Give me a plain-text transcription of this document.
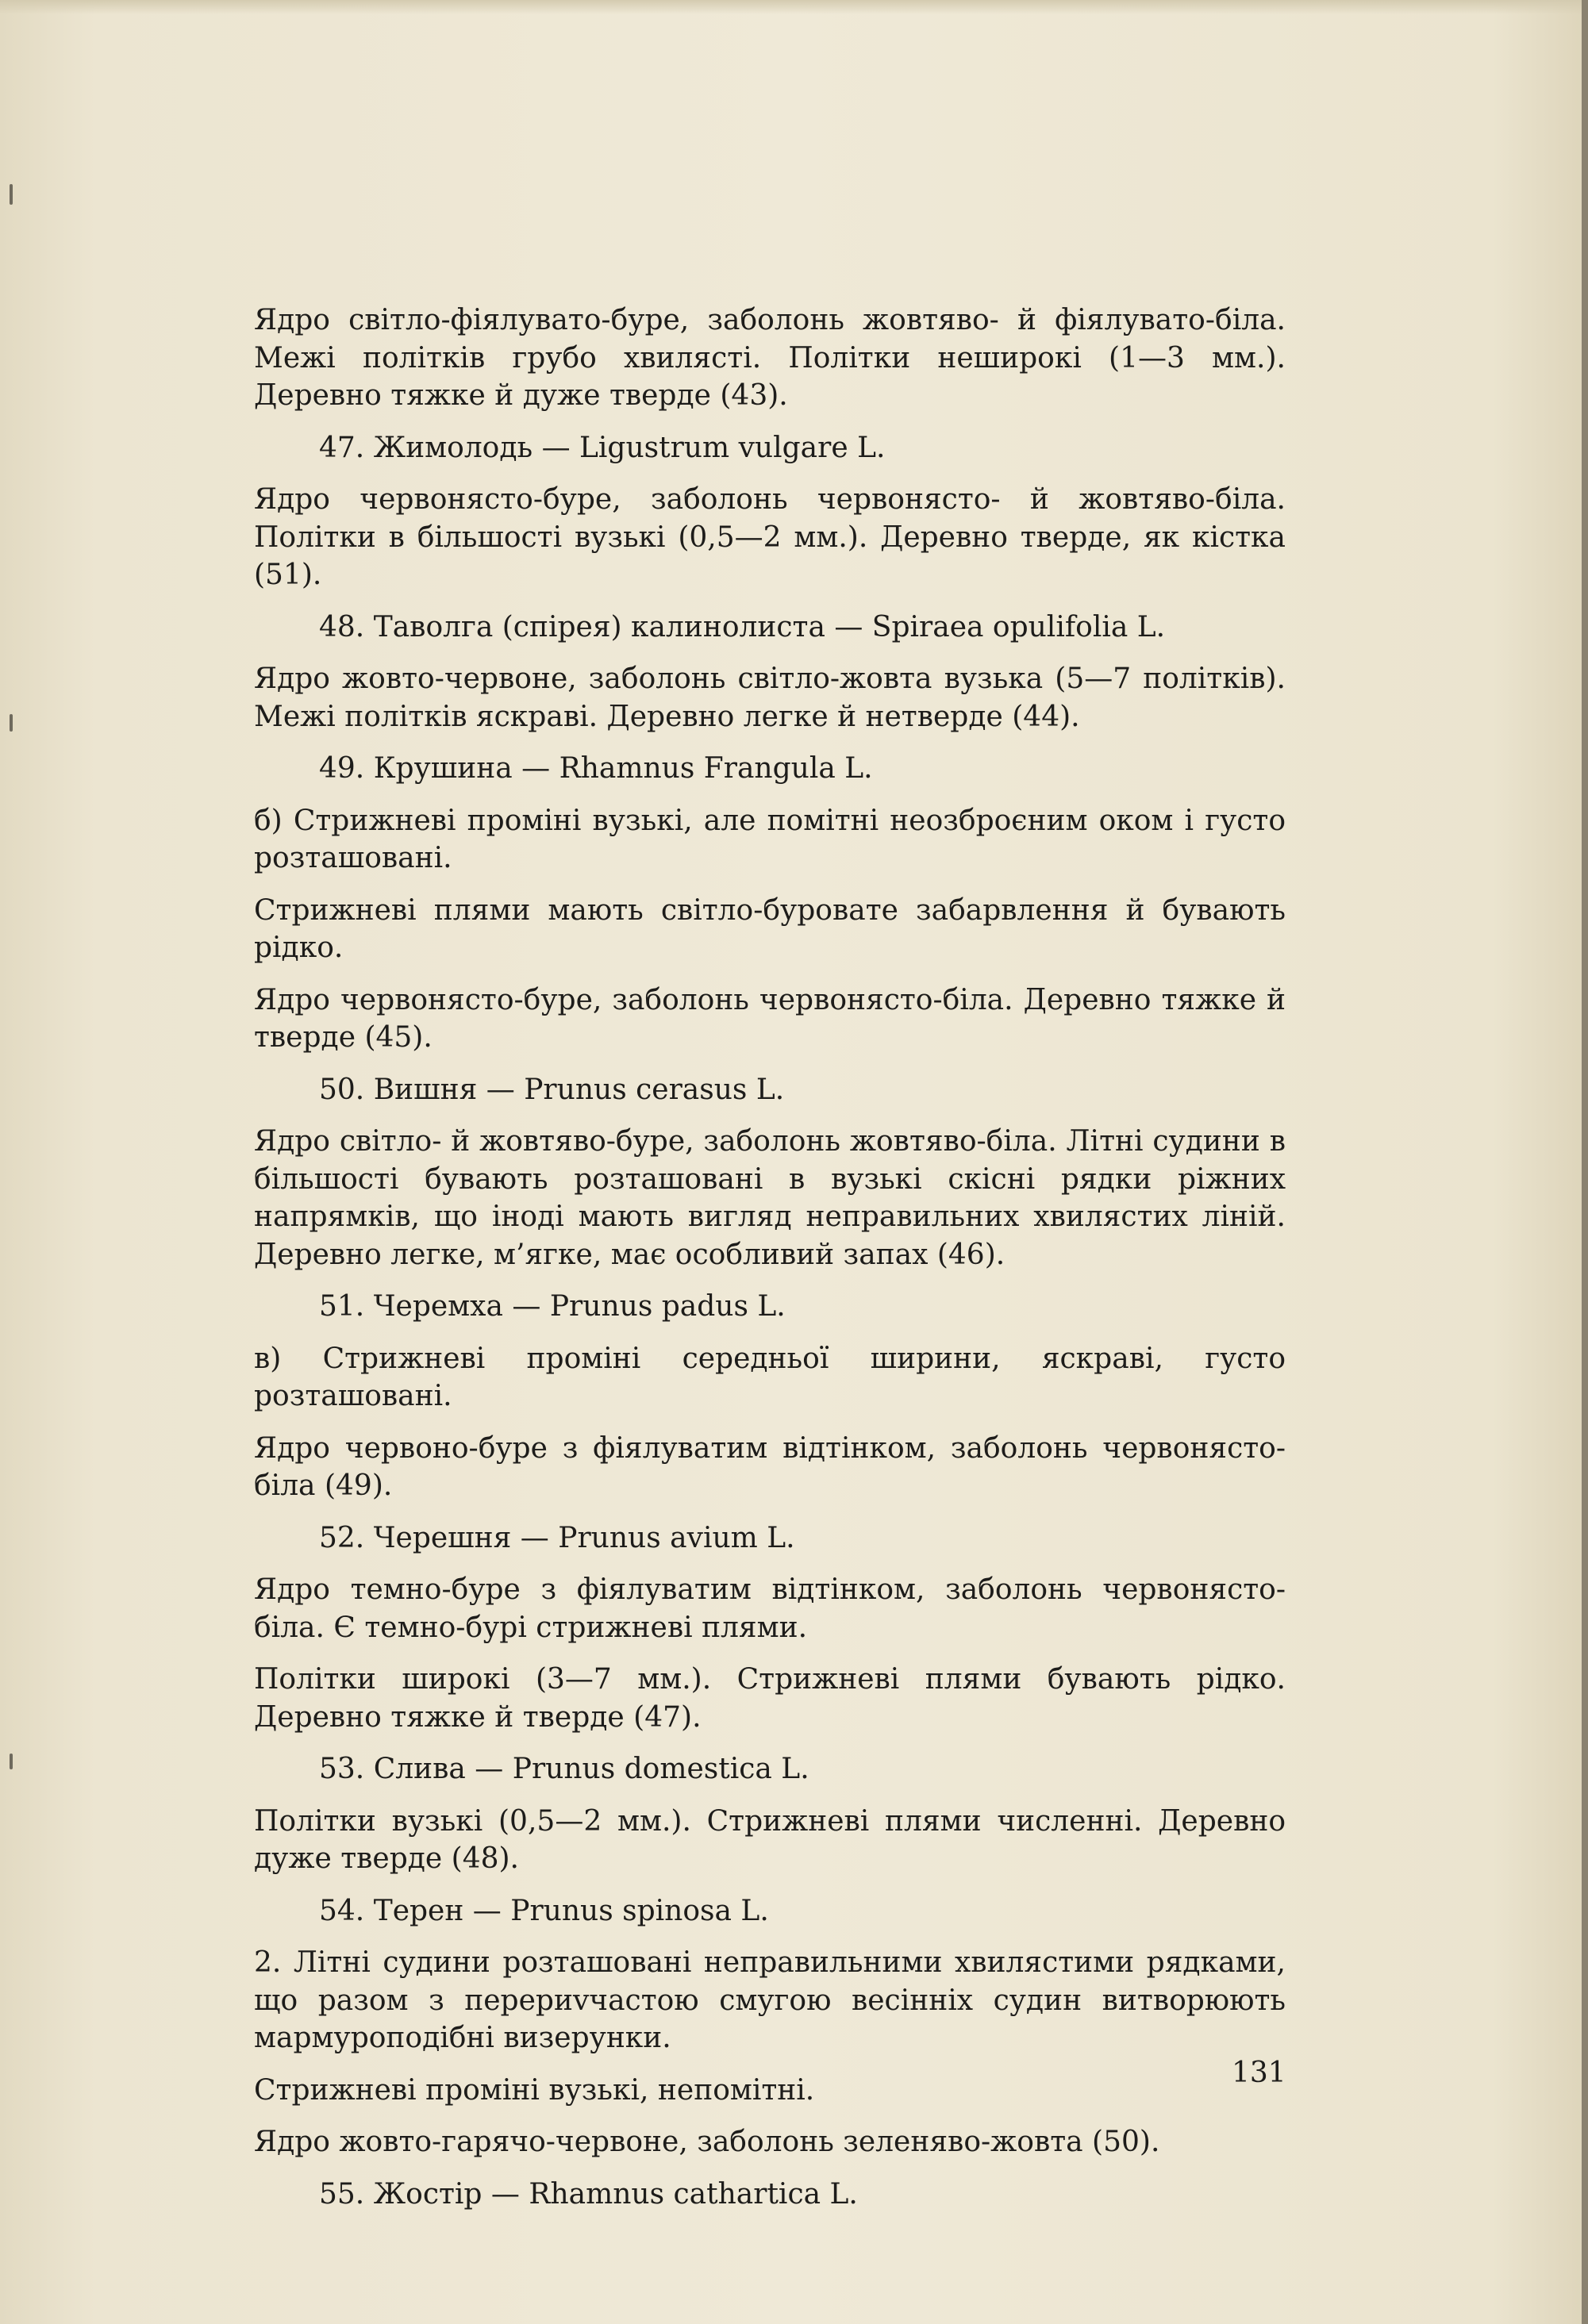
Ядро світло-фіялувато-буре, заболонь жовтяво- й фіялувато-біла. Межі політків грубо хвилясті. Політки неширокі (1—3 мм.). Деревно тяжке й дуже тверде (43).

47. Жимолодь — Ligustrum vulgare L.

Ядро червонясто-буре, заболонь червонясто- й жовтяво-біла. Політки в більшості вузькі (0,5—2 мм.). Деревно тверде, як кістка (51).

48. Таволга (спірея) калинолиста — Spiraea opulifolia L.

Ядро жовто-червоне, заболонь світло-жовта вузька (5—7 політків). Межі політків яскраві. Деревно легке й нетверде (44).

49. Крушина — Rhamnus Frangula L.

б) Стрижневі проміні вузькі, але помітні неозброєним оком і густо розташовані.

Стрижневі плями мають світло-буровате забарвлення й бувають рідко.

Ядро червонясто-буре, заболонь червонясто-біла. Деревно тяжке й тверде (45).

50. Вишня — Prunus cerasus L.

Ядро світло- й жовтяво-буре, заболонь жовтяво-біла. Літні судини в більшості бувають розташовані в вузькі скісні рядки ріжних напрямків, що іноді мають вигляд неправильних хвилястих ліній. Деревно легке, м’ягке, має особливий запах (46).

51. Черемха — Prunus padus L.

в) Стрижневі проміні середньої ширини, яскраві, густо розташовані.

Ядро червоно-буре з фіялуватим відтінком, заболонь червонясто-біла (49).

52. Черешня — Prunus avium L.

Ядро темно-буре з фіялуватим відтінком, заболонь червонясто-біла. Є темно-бурі стрижневі плями.

Політки широкі (3—7 мм.). Стрижневі плями бувають рідко. Деревно тяжке й тверде (47).

53. Слива — Prunus domestica L.

Політки вузькі (0,5—2 мм.). Стрижневі плями численні. Деревно дуже тверде (48).

54. Терен — Prunus spinosa L.

2. Літні судини розташовані неправильними хвилястими рядками, що разом з перериvчастою смугою весінніх судин витворюють мармуроподібні визерунки.

Стрижневі проміні вузькі, непомітні.

Ядро жовто-гарячо-червоне, заболонь зеленяво-жовта (50).

55. Жостір — Rhamnus cathartica L.

131
